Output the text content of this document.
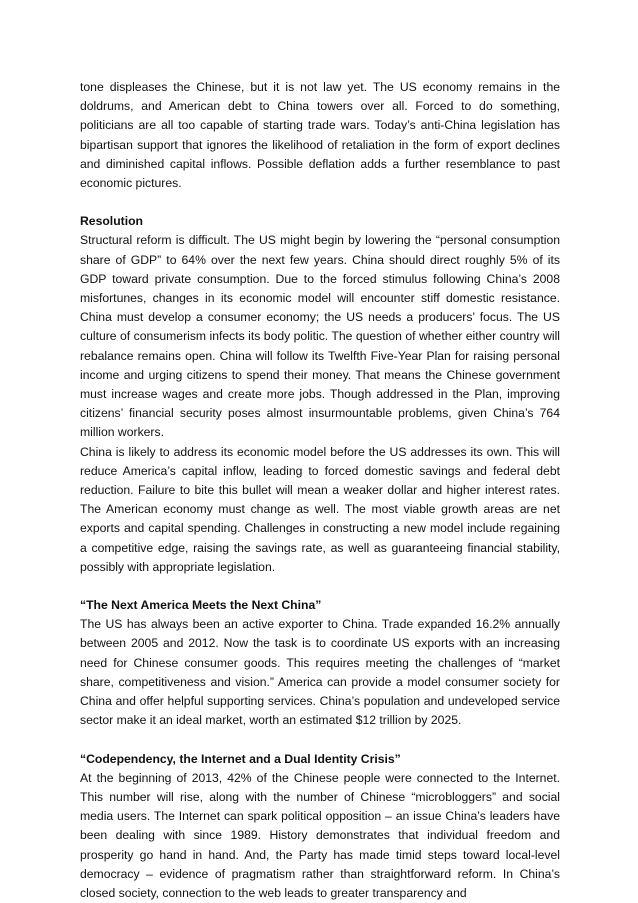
tone displeases the Chinese, but it is not law yet. The US economy remains in the doldrums, and American debt to China towers over all. Forced to do something, politicians are all too capable of starting trade wars. Today’s anti-China legislation has bipartisan support that ignores the likelihood of retaliation in the form of export declines and diminished capital inflows. Possible deflation adds a further resemblance to past economic pictures.

Resolution

Structural reform is difficult. The US might begin by lowering the “personal consumption share of GDP” to 64% over the next few years. China should direct roughly 5% of its GDP toward private consumption. Due to the forced stimulus following China’s 2008 misfortunes, changes in its economic model will encounter stiff domestic resistance. China must develop a consumer economy; the US needs a producers’ focus. The US culture of consumerism infects its body politic. The question of whether either country will rebalance remains open. China will follow its Twelfth Five-Year Plan for raising personal income and urging citizens to spend their money. That means the Chinese government must increase wages and create more jobs. Though addressed in the Plan, improving citizens’ financial security poses almost insurmountable problems, given China’s 764 million workers.

China is likely to address its economic model before the US addresses its own. This will reduce America’s capital inflow, leading to forced domestic savings and federal debt reduction. Failure to bite this bullet will mean a weaker dollar and higher interest rates. The American economy must change as well. The most viable growth areas are net exports and capital spending. Challenges in constructing a new model include regaining a competitive edge, raising the savings rate, as well as guaranteeing financial stability, possibly with appropriate legislation.

“The Next America Meets the Next China”

The US has always been an active exporter to China. Trade expanded 16.2% annually between 2005 and 2012. Now the task is to coordinate US exports with an increasing need for Chinese consumer goods. This requires meeting the challenges of “market share, competitiveness and vision.” America can provide a model consumer society for China and offer helpful supporting services. China’s population and undeveloped service sector make it an ideal market, worth an estimated $12 trillion by 2025.

“Codependency, the Internet and a Dual Identity Crisis”

At the beginning of 2013, 42% of the Chinese people were connected to the Internet. This number will rise, along with the number of Chinese “microbloggers” and social media users. The Internet can spark political opposition – an issue China’s leaders have been dealing with since 1989. History demonstrates that individual freedom and prosperity go hand in hand. And, the Party has made timid steps toward local-level democracy – evidence of pragmatism rather than straightforward reform. In China’s closed society, connection to the web leads to greater transparency and
